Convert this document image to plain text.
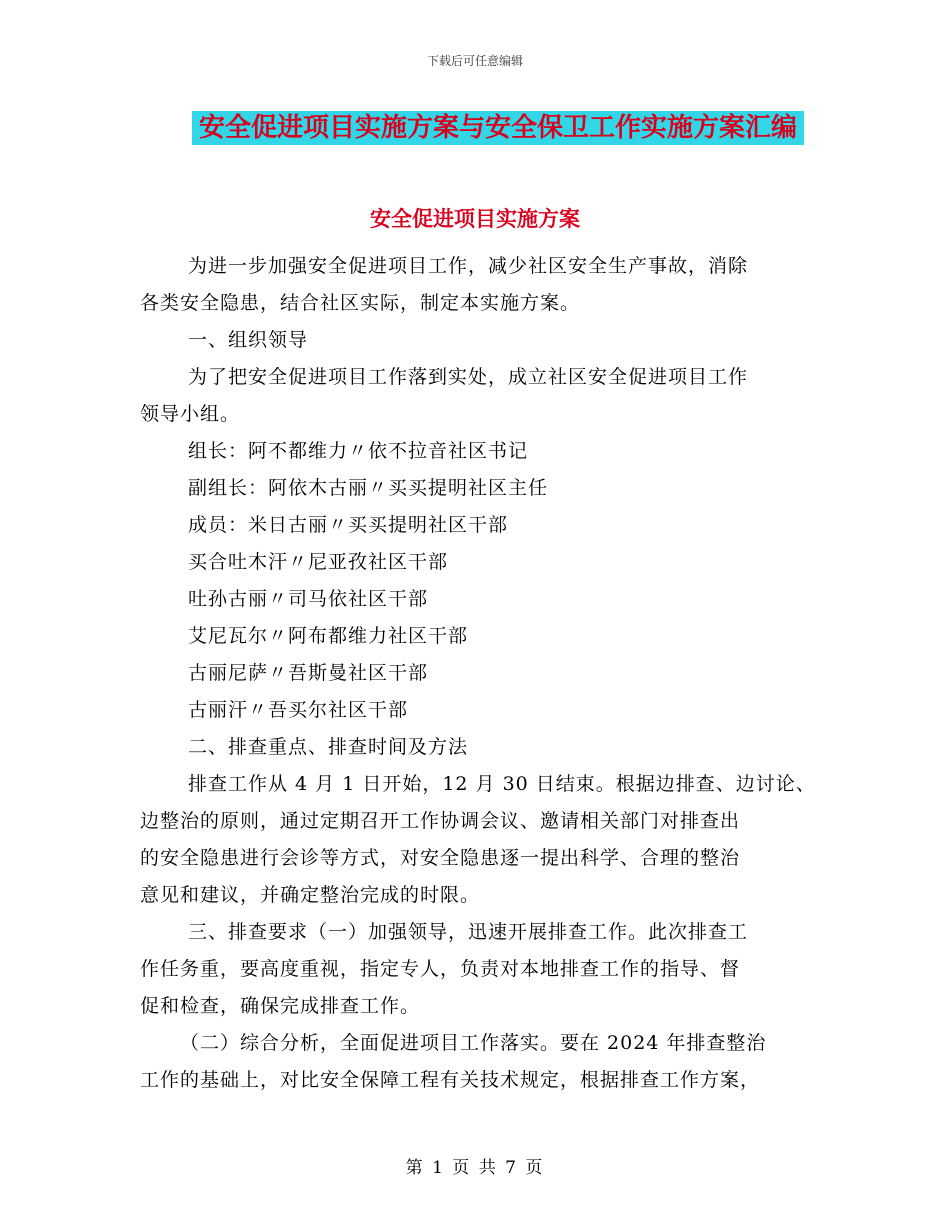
下载后可任意编辑
安全促进项目实施方案与安全保卫工作实施方案汇编
安全促进项目实施方案

为进一步加强安全促进项目工作，减少社区安全生产事故，消除

各类安全隐患，结合社区实际，制定本实施方案。

一、组织领导

为了把安全促进项目工作落到实处，成立社区安全促进项目工作

领导小组。

组长：阿不都维力〃依不拉音社区书记

副组长：阿依木古丽〃买买提明社区主任

成员：米日古丽〃买买提明社区干部

买合吐木汗〃尼亚孜社区干部

吐孙古丽〃司马依社区干部

艾尼瓦尔〃阿布都维力社区干部

古丽尼萨〃吾斯曼社区干部

古丽汗〃吾买尔社区干部

二、排查重点、排查时间及方法

排查工作从 4 月 1 日开始，12 月 30 日结束。根据边排查、边讨论、

边整治的原则，通过定期召开工作协调会议、邀请相关部门对排查出

的安全隐患进行会诊等方式，对安全隐患逐一提出科学、合理的整治

意见和建议，并确定整治完成的时限。

三、排查要求（一）加强领导，迅速开展排查工作。此次排查工

作任务重，要高度重视，指定专人，负责对本地排查工作的指导、督

促和检查，确保完成排查工作。

（二）综合分析，全面促进项目工作落实。要在 2024 年排查整治

工作的基础上，对比安全保障工程有关技术规定，根据排查工作方案，

第 1 页 共 7 页
